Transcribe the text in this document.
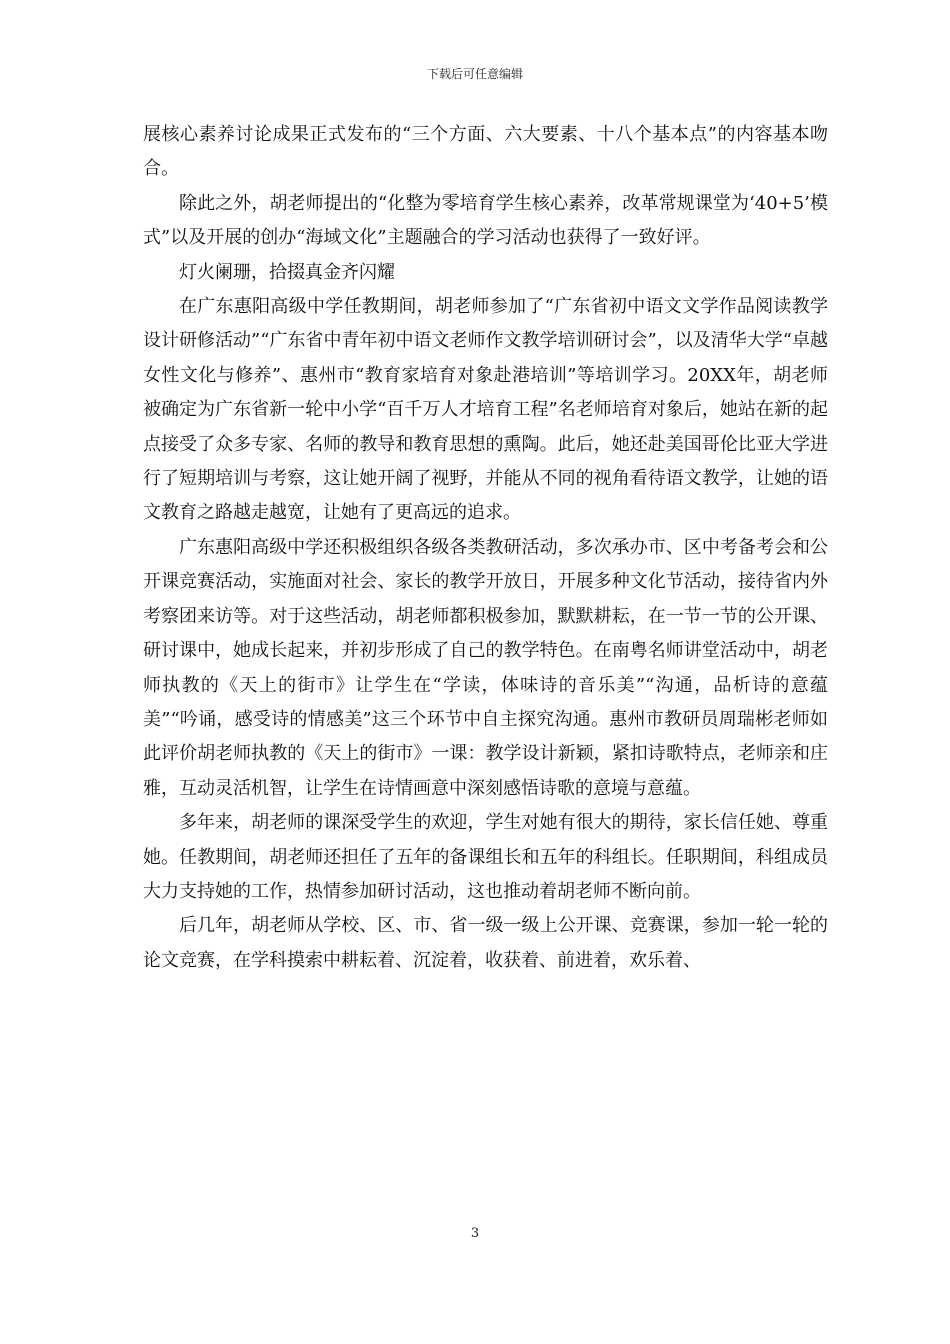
下载后可任意编辑

展核心素养讨论成果正式发布的“三个方面、六大要素、十八个基本点”的内容基本吻合。

除此之外，胡老师提出的“化整为零培育学生核心素养，改革常规课堂为‘40+5’模式”以及开展的创办“海域文化”主题融合的学习活动也获得了一致好评。

灯火阑珊，拾掇真金齐闪耀

在广东惠阳高级中学任教期间，胡老师参加了“广东省初中语文文学作品阅读教学设计研修活动”“广东省中青年初中语文老师作文教学培训研讨会”，以及清华大学“卓越女性文化与修养”、惠州市“教育家培育对象赴港培训”等培训学习。20XX年，胡老师被确定为广东省新一轮中小学“百千万人才培育工程”名老师培育对象后，她站在新的起点接受了众多专家、名师的教导和教育思想的熏陶。此后，她还赴美国哥伦比亚大学进行了短期培训与考察，这让她开阔了视野，并能从不同的视角看待语文教学，让她的语文教育之路越走越宽，让她有了更高远的追求。

广东惠阳高级中学还积极组织各级各类教研活动，多次承办市、区中考备考会和公开课竞赛活动，实施面对社会、家长的教学开放日，开展多种文化节活动，接待省内外考察团来访等。对于这些活动，胡老师都积极参加，默默耕耘，在一节一节的公开课、研讨课中，她成长起来，并初步形成了自己的教学特色。在南粤名师讲堂活动中，胡老师执教的《天上的街市》让学生在“学读，体味诗的音乐美”“沟通，品析诗的意蕴美”“吟诵，感受诗的情感美”这三个环节中自主探究沟通。惠州市教研员周瑞彬老师如此评价胡老师执教的《天上的街市》一课：教学设计新颖，紧扣诗歌特点，老师亲和庄雅，互动灵活机智，让学生在诗情画意中深刻感悟诗歌的意境与意蕴。

多年来，胡老师的课深受学生的欢迎，学生对她有很大的期待，家长信任她、尊重她。任教期间，胡老师还担任了五年的备课组长和五年的科组长。任职期间，科组成员大力支持她的工作，热情参加研讨活动，这也推动着胡老师不断向前。

后几年，胡老师从学校、区、市、省一级一级上公开课、竞赛课，参加一轮一轮的论文竞赛，在学科摸索中耕耘着、沉淀着，收获着、前进着，欢乐着、

3
